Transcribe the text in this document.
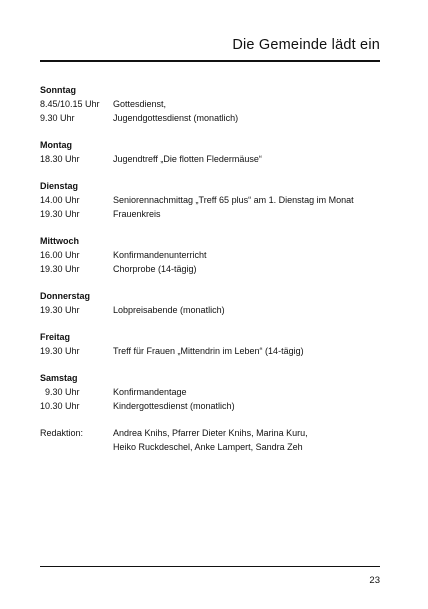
Die Gemeinde lädt ein
Sonntag
8.45/10.15 Uhr	Gottesdienst,
9.30 Uhr	Jugendgottesdienst (monatlich)
Montag
18.30 Uhr	Jugendtreff „Die flotten Fledermäuse“
Dienstag
14.00 Uhr	Seniorennachmittag „Treff 65 plus“ am 1. Dienstag im Monat
19.30 Uhr	Frauenkreis
Mittwoch
16.00 Uhr	Konfirmandenunterricht
19.30 Uhr	Chorprobe (14-tägig)
Donnerstag
19.30 Uhr	Lobpreisabende (monatlich)
Freitag
19.30 Uhr	Treff für Frauen „Mittendrin im Leben“ (14-tägig)
Samstag
9.30 Uhr	Konfirmandentage
10.30 Uhr	Kindergottesdienst (monatlich)
Redaktion:	Andrea Knihs, Pfarrer Dieter Knihs, Marina Kuru,
Heiko Ruckdeschel, Anke Lampert, Sandra Zeh
23
